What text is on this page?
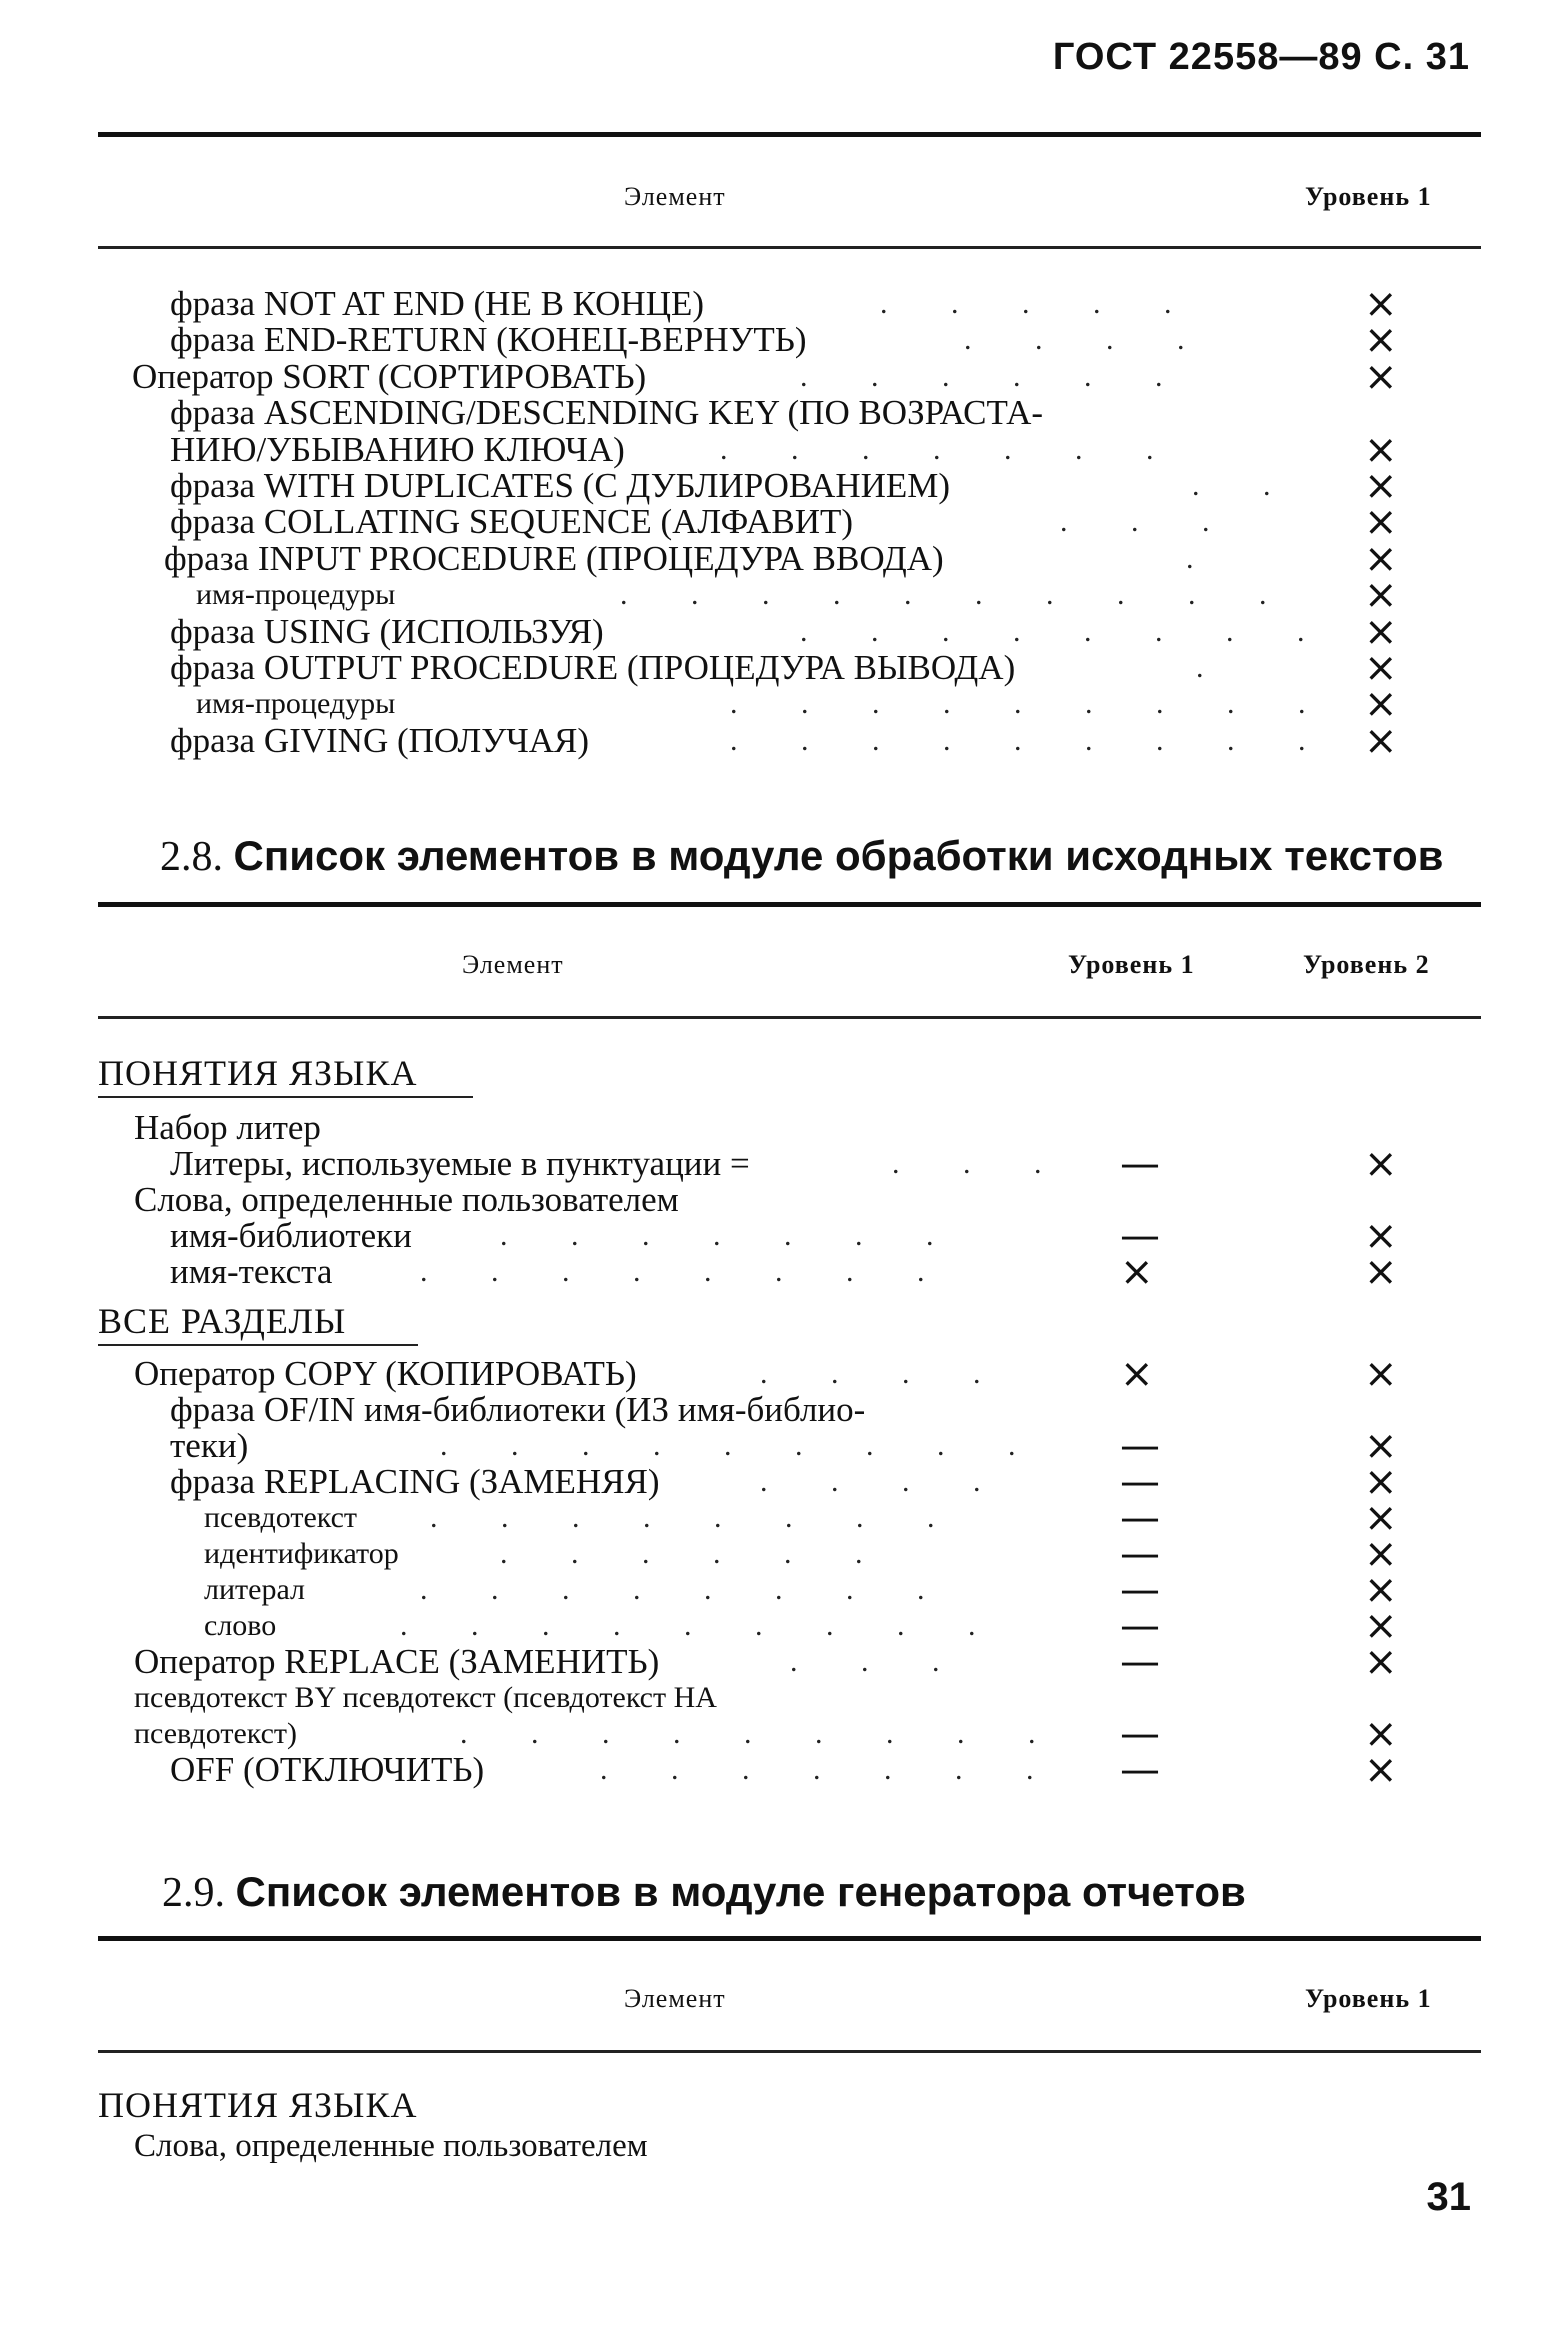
ГОСТ 22558—89 С. 31
Элемент	Уровень 1
фраза NOT AT END (НЕ В КОНЦЕ)	. . . . .	×
фраза END-RETURN (КОНЕЦ-ВЕРНУТЬ)	. . . .	×
Оператор SORT (СОРТИРОВАТЬ)	. . . . . .	×
фраза ASCENDING/DESCENDING KEY (ПО ВОЗРАСТА-
НИЮ/УБЫВАНИЮ КЛЮЧА)	. . . . . . .	×
фраза WITH DUPLICATES (С ДУБЛИРОВАНИЕМ)	. . ×
фраза COLLATING SEQUENCE (АЛФАВИТ)	. . .	×
фраза INPUT PROCEDURE (ПРОЦЕДУРА ВВОДА)	.	×
имя-процедуры	. . . . . . . . . . ×
фраза USING (ИСПОЛЬЗУЯ)	. . . . . . . . ×
фраза OUTPUT PROCEDURE (ПРОЦЕДУРА ВЫВОДА)	.	×
имя-процедуры	. . . . . . . . . ×
фраза GIVING (ПОЛУЧАЯ)	. . . . . . . . . ×
2.8. Список элементов в модуле обработки исходных текстов
Элемент	Уровень 1	Уровень 2
ПОНЯТИЯ ЯЗЫКА
ВСЕ РАЗДЕЛЫ
Набор литер
Литеры, используемые в пунктуации =	. . . —	×
Слова, определенные пользователем
имя-библиотеки	. . . . . . .	—	×
имя-текста	. . . . . . . .	×	×
Оператор COPY (КОПИРОВАТЬ)	. . . .	×	×
фраза OF/IN имя-библиотеки (ИЗ имя-библио-
теки)	. . . . . . . . . —	×
фраза REPLACING (ЗАМЕНЯЯ)	. . . .	—	×
псевдотекст . . . . . . . .	—	×
идентификатор	. . . . . .	—	×
литерал	. . . . . . . .	—	×
слово	. . . . . . . . .	—	×
Оператор REPLACE (ЗАМЕНИТЬ)	. . .	—	×
псевдотекст BY псевдотекст (псевдотекст НА
псевдотекст)	. . . . . . . . . —	×
OFF (ОТКЛЮЧИТЬ)	. . . . . . . —	×
2.9. Список элементов в модуле генератора отчетов
Элемент	Уровень 1
ПОНЯТИЯ ЯЗЫКА
Слова, определенные пользователем
31
